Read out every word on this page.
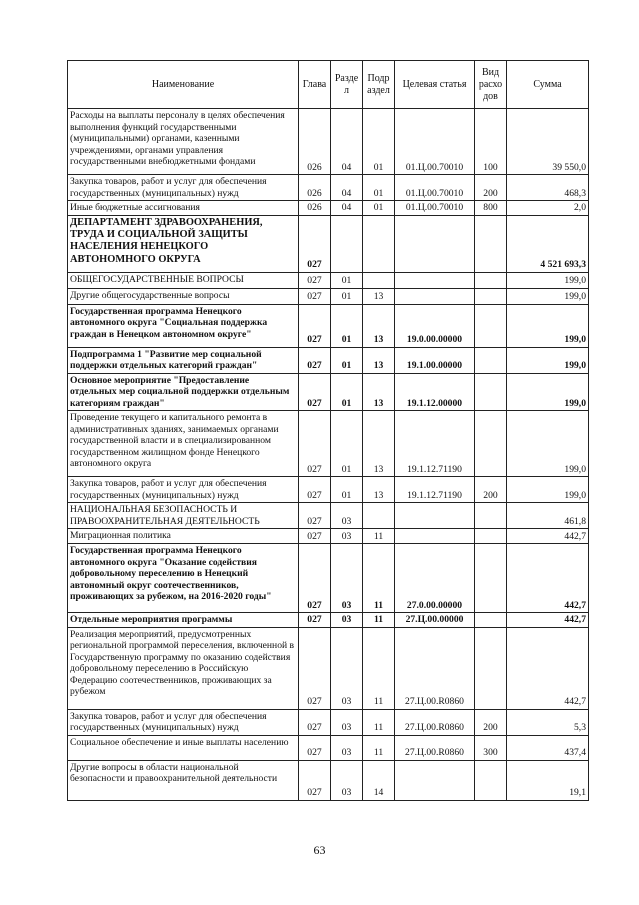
Наименование	Глава	Разде л	Подр аздел	Целевая статья	Вид расхо дов	Сумма
Расходы на выплаты персоналу в целях обеспечения выполнения функций государственными (муниципальными) органами, казенными учреждениями, органами управления государственными внебюджетными фондами	026	04	01	01.Ц.00.70010	100	39 550,0
Закупка товаров, работ и услуг для обеспечения государственных (муниципальных) нужд	026	04	01	01.Ц.00.70010	200	468,3
Иные бюджетные ассигнования	026	04	01	01.Ц.00.70010	800	2,0
ДЕПАРТАМЕНТ ЗДРАВООХРАНЕНИЯ, ТРУДА И СОЦИАЛЬНОЙ ЗАЩИТЫ НАСЕЛЕНИЯ НЕНЕЦКОГО АВТОНОМНОГО ОКРУГА	027					4 521 693,3
ОБЩЕГОСУДАРСТВЕННЫЕ ВОПРОСЫ	027	01				199,0
Другие общегосударственные вопросы	027	01	13			199,0
Государственная программа Ненецкого автономного округа "Социальная поддержка граждан в Ненецком автономном округе"	027	01	13	19.0.00.00000		199,0
Подпрограмма 1 "Развитие мер социальной поддержки отдельных категорий граждан"	027	01	13	19.1.00.00000		199,0
Основное мероприятие "Предоставление отдельных мер социальной поддержки отдельным категориям граждан"	027	01	13	19.1.12.00000		199,0
Проведение текущего и капитального ремонта в административных зданиях, занимаемых органами государственной власти и в специализированном государственном жилищном фонде Ненецкого автономного округа	027	01	13	19.1.12.71190		199,0
Закупка товаров, работ и услуг для обеспечения государственных (муниципальных) нужд	027	01	13	19.1.12.71190	200	199,0
НАЦИОНАЛЬНАЯ БЕЗОПАСНОСТЬ И ПРАВООХРАНИТЕЛЬНАЯ ДЕЯТЕЛЬНОСТЬ	027	03				461,8
Миграционная политика	027	03	11			442,7
Государственная программа Ненецкого автономного округа "Оказание содействия добровольному переселению в Ненецкий автономный округ соотечественников, проживающих за рубежом, на 2016-2020 годы"	027	03	11	27.0.00.00000		442,7
Отдельные мероприятия программы	027	03	11	27.Ц.00.00000		442,7
Реализация мероприятий, предусмотренных региональной программой переселения, включенной в Государственную программу по оказанию содействия добровольному переселению в Российскую Федерацию соотечественников, проживающих за рубежом	027	03	11	27.Ц.00.R0860		442,7
Закупка товаров, работ и услуг для обеспечения государственных (муниципальных) нужд	027	03	11	27.Ц.00.R0860	200	5,3
Социальное обеспечение и иные выплаты населению	027	03	11	27.Ц.00.R0860	300	437,4
Другие вопросы в области национальной безопасности и правоохранительной деятельности	027	03	14			19,1
63
